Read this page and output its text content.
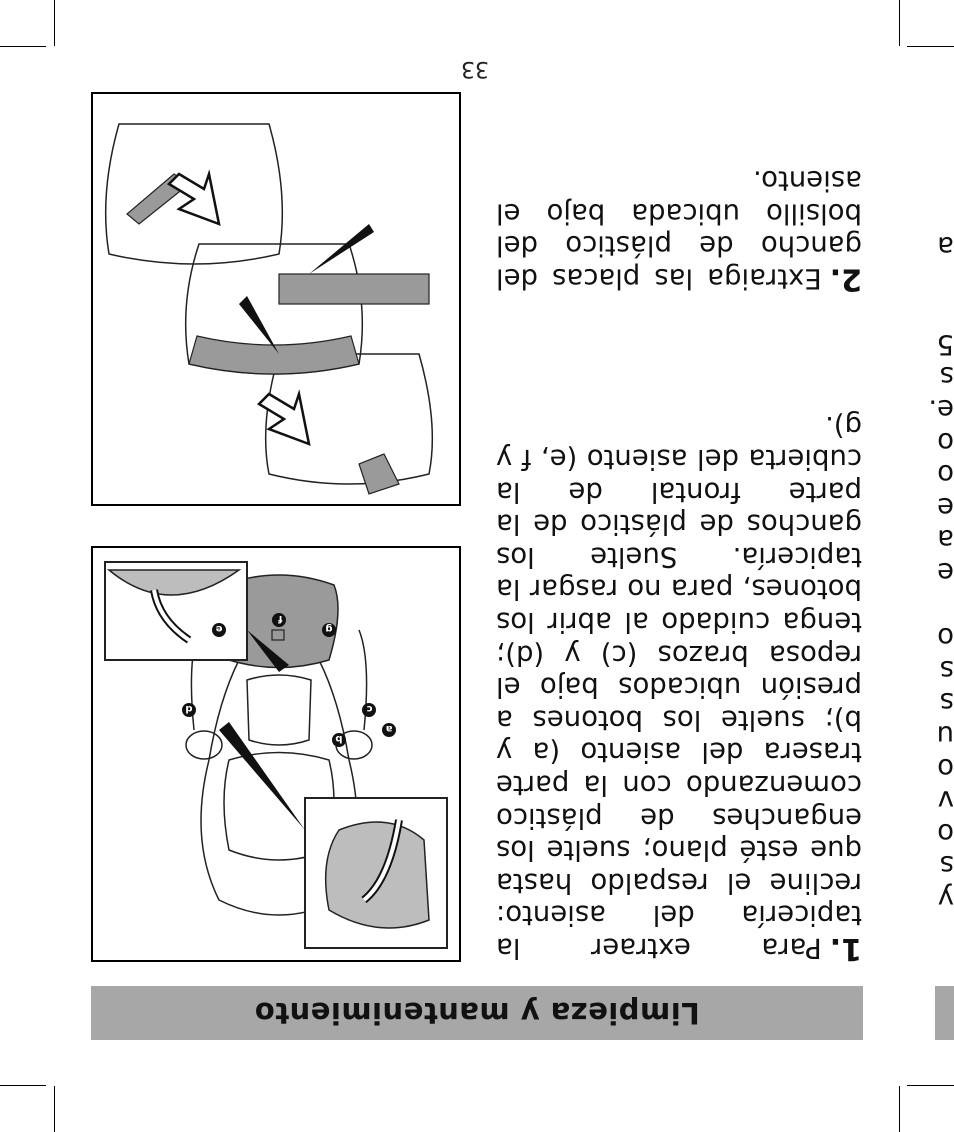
33
Limpieza y mantenimiento
1.Para extraer la tapicería del asiento: recline el respaldo hasta que esté plano; suelte los enganches de plástico comenzando con la parte trasera del asiento (a y b); suelte los botones a presión ubicados bajo el reposa brazos (c) y (d); tenga cuidado al abrir los botones, para no rasgar la tapicería. Suelte los ganchos de plástico de la parte frontal de la cubierta del asiento (e, f y g).
2.Extraiga las placas del gancho de plástico del bolsillo ubicada bajo el asiento.
y
s
o
v
o
u
s
s
o
e
a
e
o
o
e.
s
5
a
a
b
c
d
e
f
g
